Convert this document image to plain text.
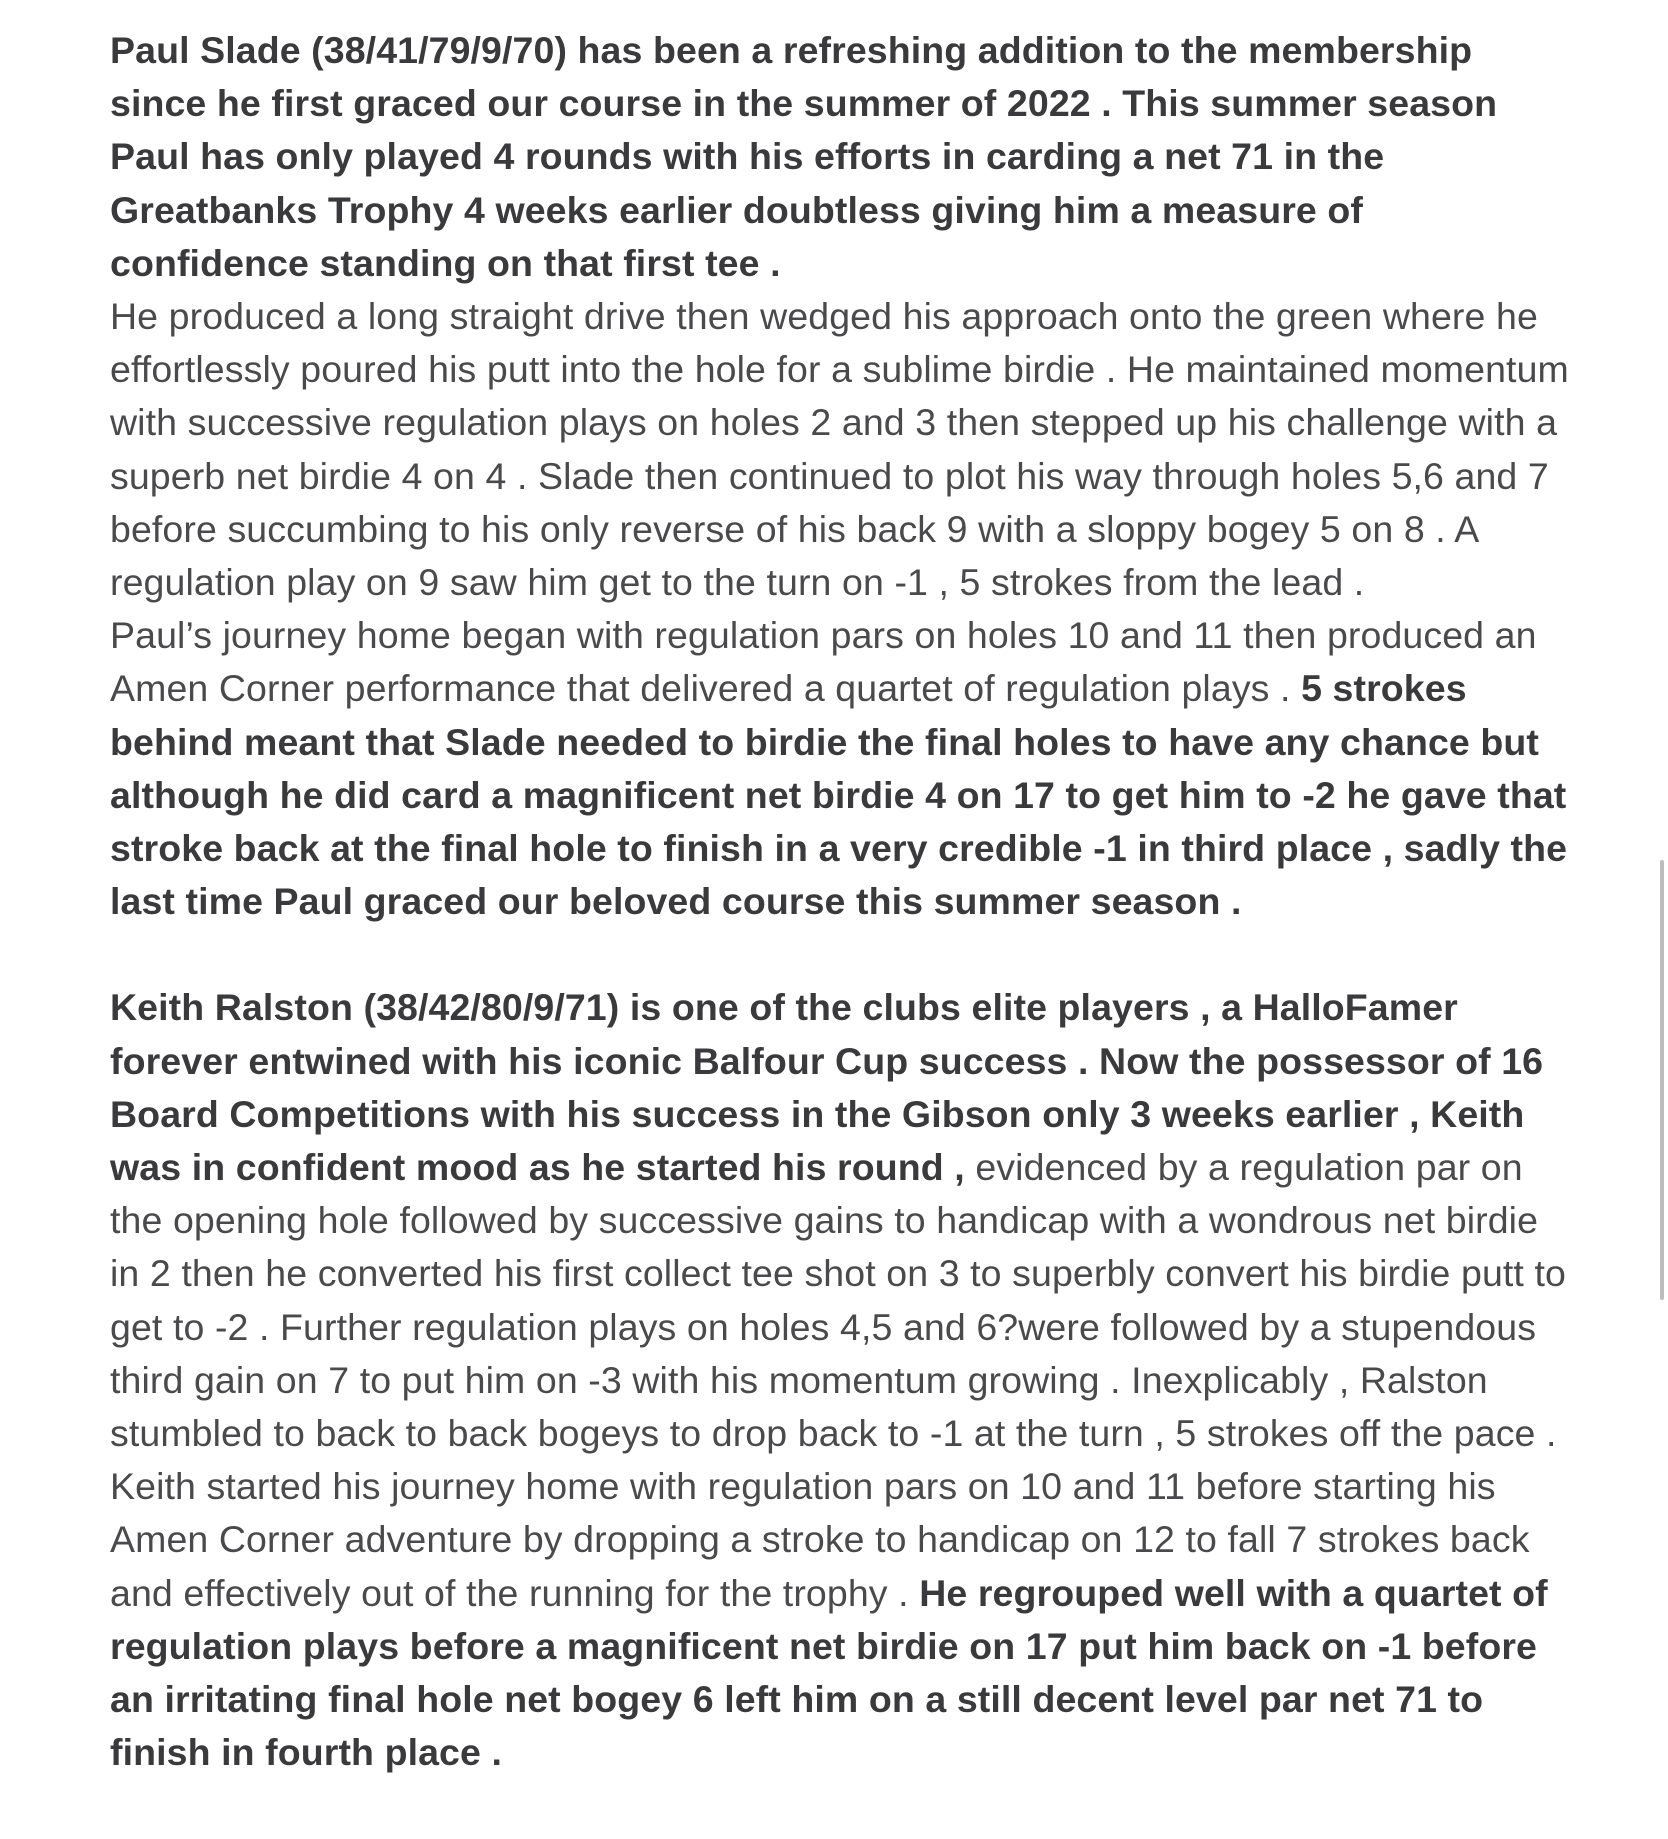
Paul Slade (38/41/79/9/70) has been a refreshing addition to the membership since he first graced our course in the summer of 2022 . This summer season Paul has only played 4 rounds with his efforts in carding a net 71 in the Greatbanks Trophy 4 weeks earlier doubtless giving him a measure of confidence standing on that first tee .

He produced a long straight drive then wedged his approach onto the green where he effortlessly poured his putt into the hole for a sublime birdie . He maintained momentum with successive regulation plays on holes 2 and 3 then stepped up his challenge with a superb net birdie 4 on 4 . Slade then continued to plot his way through holes 5,6 and 7 before succumbing to his only reverse of his back 9 with a sloppy bogey 5 on 8 . A regulation play on 9 saw him get to the turn on -1 , 5 strokes from the lead .

Paul’s journey home began with regulation pars on holes 10 and 11 then produced an Amen Corner performance that delivered a quartet of regulation plays . 5 strokes behind meant that Slade needed to birdie the final holes to have any chance but although he did card a magnificent net birdie 4 on 17 to get him to -2 he gave that stroke back at the final hole to finish in a very credible -1 in third place , sadly the last time Paul graced our beloved course this summer season .

Keith Ralston (38/42/80/9/71) is one of the clubs elite players , a HalloFamer forever entwined with his iconic Balfour Cup success . Now the possessor of 16 Board Competitions with his success in the Gibson only 3 weeks earlier , Keith was in confident mood as he started his round , evidenced by a regulation par on the opening hole followed by successive gains to handicap with a wondrous net birdie in 2 then he converted his first collect tee shot on 3 to superbly convert his birdie putt to get to -2 . Further regulation plays on holes 4,5 and 6?were followed by a stupendous third gain on 7 to put him on -3 with his momentum growing . Inexplicably , Ralston stumbled to back to back bogeys to drop back to -1 at the turn , 5 strokes off the pace . Keith started his journey home with regulation pars on 10 and 11 before starting his Amen Corner adventure by dropping a stroke to handicap on 12 to fall 7 strokes back and effectively out of the running for the trophy . He regrouped well with a quartet of regulation plays before a magnificent net birdie on 17 put him back on -1 before an irritating final hole net bogey 6 left him on a still decent level par net 71 to finish in fourth place .
